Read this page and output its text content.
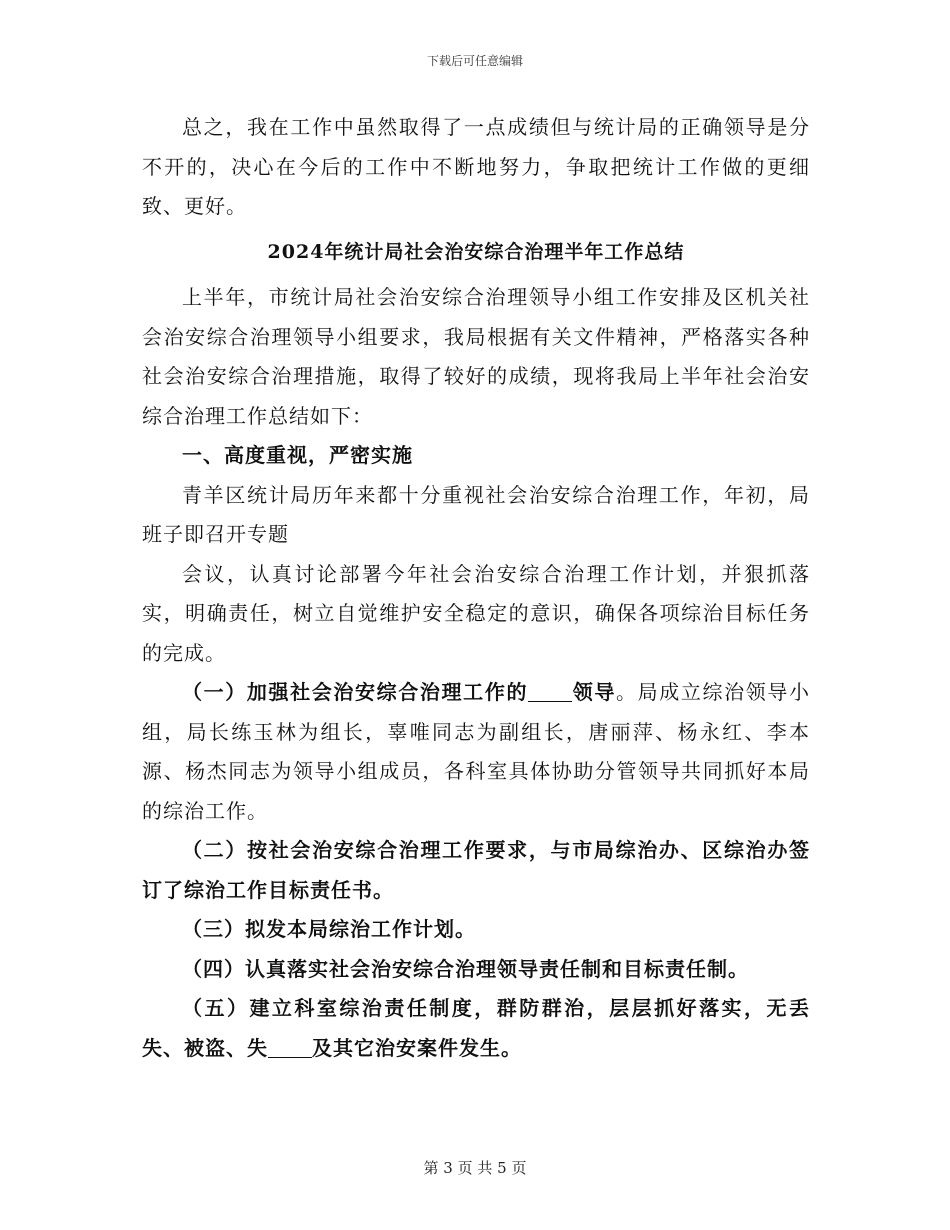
下载后可任意编辑

总之，我在工作中虽然取得了一点成绩但与统计局的正确领导是分不开的，决心在今后的工作中不断地努力，争取把统计工作做的更细致、更好。

2024年统计局社会治安综合治理半年工作总结

上半年，市统计局社会治安综合治理领导小组工作安排及区机关社会治安综合治理领导小组要求，我局根据有关文件精神，严格落实各种社会治安综合治理措施，取得了较好的成绩，现将我局上半年社会治安综合治理工作总结如下：

一、高度重视，严密实施

青羊区统计局历年来都十分重视社会治安综合治理工作，年初，局班子即召开专题

会议，认真讨论部署今年社会治安综合治理工作计划，并狠抓落实，明确责任，树立自觉维护安全稳定的意识，确保各项综治目标任务的完成。

（一）加强社会治安综合治理工作的 领导。局成立综治领导小组，局长练玉林为组长，辜唯同志为副组长，唐丽萍、杨永红、李本源、杨杰同志为领导小组成员，各科室具体协助分管领导共同抓好本局的综治工作。

（二）按社会治安综合治理工作要求，与市局综治办、区综治办签订了综治工作目标责任书。

（三）拟发本局综治工作计划。

（四）认真落实社会治安综合治理领导责任制和目标责任制。

（五）建立科室综治责任制度，群防群治，层层抓好落实，无丢失、被盗、失 及其它治安案件发生。

第 3 页 共 5 页
